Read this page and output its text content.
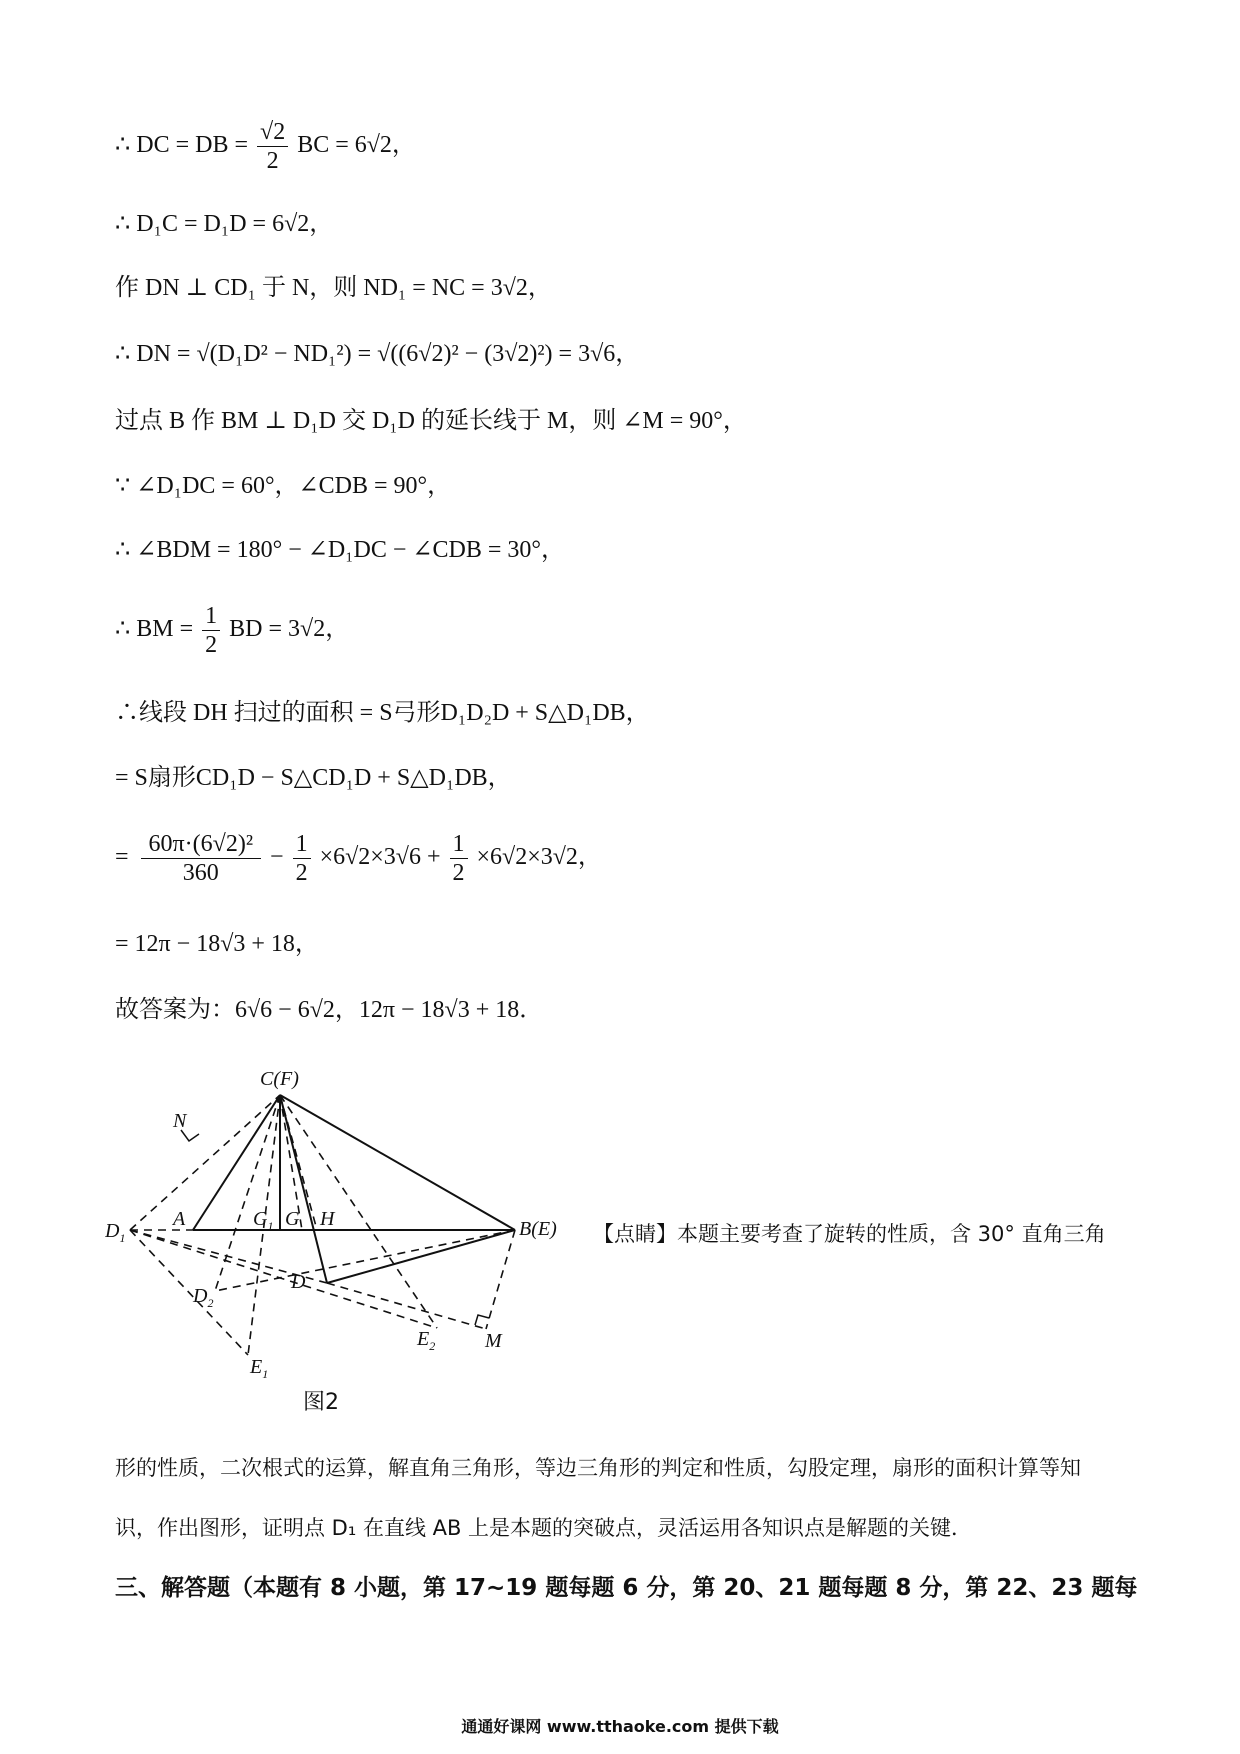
∴ DC = DB = $\frac{√2}{2}$ BC = 6√2，
∴ D₁C = D₁D = 6√2，
作 DN ⊥ CD₁ 于 N，则 ND₁ = NC = 3√2，
∴ DN = √(D₁D² − ND₁²) = √((6√2)² − (3√2)²) = 3√6，
过点 B 作 BM ⊥ D₁D 交 D₁D 的延长线于 M，则 ∠M = 90°，
∵ ∠D₁DC = 60°，∠CDB = 90°，
∴ ∠BDM = 180° − ∠D₁DC − ∠CDB = 30°，
∴ BM = $\frac{1}{2}$ BD = 3√2，
∴线段 DH 扫过的面积 = S弓形D₁D₂D + S△D₁DB，
= S扇形CD₁D − S△CD₁D + S△D₁DB，
= $\frac{\text{60π·(6√2)²}}{360} - \frac{1}{2} \times 6√2\times 3√6 + \frac{1}{2} \times 6√2\times 3√2$，
= 12π − 18√3 + 18，
故答案为：6√6 − 6√2，12π − 18√3 + 18．
C(F)
N
$D_1$
A	$G_1$ G H	B(E)
D
$D_2$
$E_2$ M
$E_1$
图2
【点睛】本题主要考查了旋转的性质，含 30° 直角三角
形的性质，二次根式的运算，解直角三角形，等边三角形的判定和性质，勾股定理，扇形的面积计算等知
识，作出图形，证明点 D₁ 在直线 AB 上是本题的突破点，灵活运用各知识点是解题的关键．
三、解答题（本题有 8 小题，第 17~19 题每题 6 分，第 20、21 题每题 8 分，第 22、23 题每
通通好课网 www.tthaoke.com 提供下载
